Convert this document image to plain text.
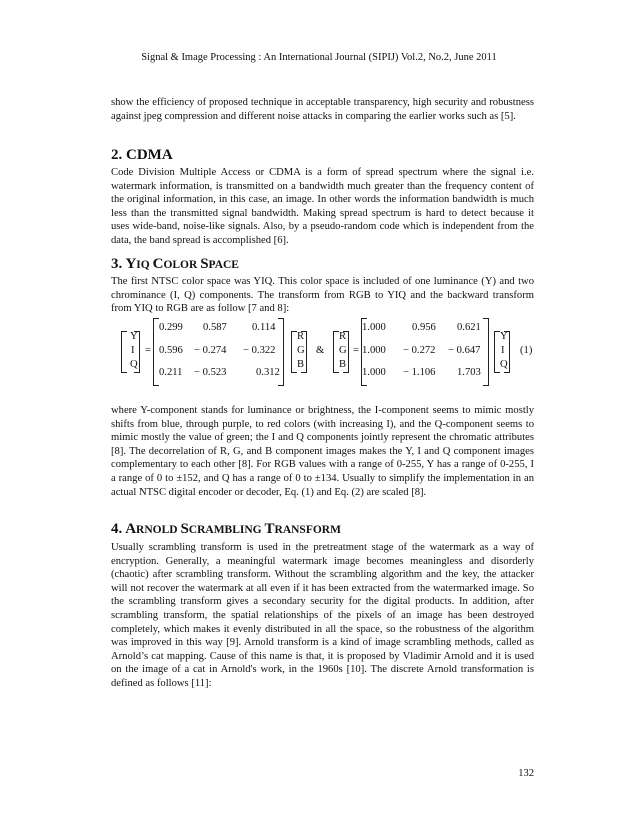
Signal & Image Processing : An International Journal (SIPIJ) Vol.2, No.2, June 2011

show the efficiency of proposed technique in acceptable transparency, high security and robustness against jpeg compression and different noise attacks in comparing the earlier works such as [5].

2. CDMA

Code Division Multiple Access or CDMA is a form of spread spectrum where the signal i.e. watermark information, is transmitted on a bandwidth much greater than the frequency content of the original information, in this case, an image. In other words the information bandwidth is much less than the transmitted signal bandwidth. Making spread spectrum is hard to detect because it uses wide-band, noise-like signals. Also, by a pseudo-random code which is independent from the data, the band spread is accomplished [6].

3. YIQ COLOR SPACE

The first NTSC color space was YIQ. This color space is included of one luminance (Y) and two chrominance (I, Q) components. The transform from RGB to YIQ and the backward transform from YIQ to RGB are as follow [7 and 8]:

Y
I
Q
=
0.299 0.587 0.114
0.596 − 0.274 − 0.322
0.211 − 0.523	0.312
R
G
B
&
R
G
B
=
1.000 0.956 0.621
1.000 − 0.272 − 0.647
1.000 − 1.106 1.703
Y
I
Q
(1)

where Y-component stands for luminance or brightness, the I-component seems to mimic mostly shifts from blue, through purple, to red colors (with increasing I), and the Q-component seems to mimic mostly the value of green; the I and Q components jointly represent the chromatic attributes [8]. The decorrelation of R, G, and B component images makes the Y, I and Q component images complementary to each other [8]. For RGB values with a range of 0-255, Y has a range of 0-255, I a range of 0 to ±152, and Q has a range of 0 to ±134. Usually to simplify the implementation in an actual NTSC digital encoder or decoder, Eq. (1) and Eq. (2) are scaled [8].

4. ARNOLD SCRAMBLING TRANSFORM

Usually scrambling transform is used in the pretreatment stage of the watermark as a way of encryption. Generally, a meaningful watermark image becomes meaningless and disorderly (chaotic) after scrambling transform. Without the scrambling algorithm and the key, the attacker will not recover the watermark at all even if it has been extracted from the watermarked image. So the scrambling transform gives a secondary security for the digital products. In addition, after scrambling transform, the spatial relationships of the pixels of an image has been destroyed completely, which makes it evenly distributed in all the space, so the robustness of the algorithm was improved in this way [9]. Arnold transform is a kind of image scrambling methods, called as Arnold’s cat mapping. Cause of this name is that, it is proposed by Vladimir Arnold and it is used on the image of a cat in Arnold's work, in the 1960s [10]. The discrete Arnold transformation is defined as follows [11]:

132
